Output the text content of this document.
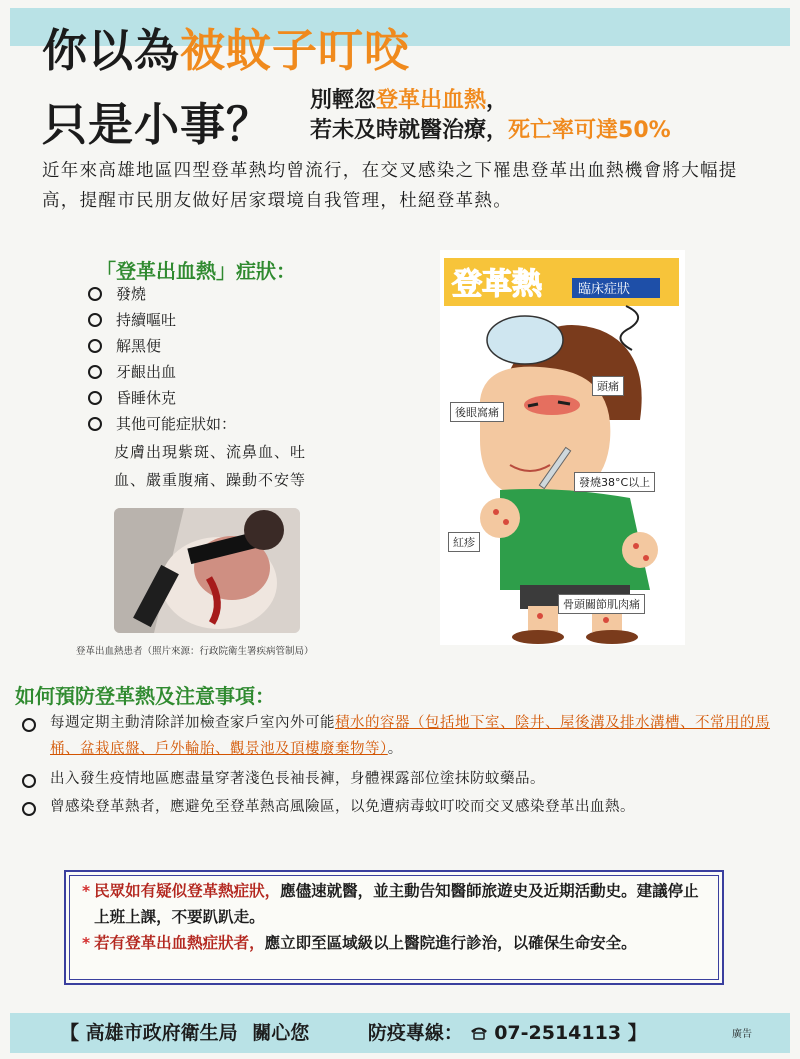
你以為被蚊子叮咬
只是小事？ 別輕忽登革出血熱，
若未及時就醫治療，死亡率可達50%
近年來高雄地區四型登革熱均曾流行，在交叉感染之下罹患登革出血熱機會將大幅提高，提醒市民朋友做好居家環境自我管理，杜絕登革熱。
「登革出血熱」症狀：
發燒
持續嘔吐
解黑便
牙齦出血
昏睡休克
其他可能症狀如：
皮膚出現紫斑、流鼻血、吐血、嚴重腹痛、躁動不安等
登革出血熱患者（照片來源：行政院衛生署疾病管制局）
登革熱	臨床症狀
頭痛
後眼窩痛
發燒38°C以上
紅疹
骨頭關節肌肉痛
如何預防登革熱及注意事項：
每週定期主動清除詳加檢查家戶室內外可能積水的容器（包括地下室、陰井、屋後溝及排水溝槽、不常用的馬桶、盆栽底盤、戶外輪胎、觀景池及頂樓廢棄物等）。
出入發生疫情地區應盡量穿著淺色長袖長褲，身體裸露部位塗抹防蚊藥品。
曾感染登革熱者，應避免至登革熱高風險區，以免遭病毒蚊叮咬而交叉感染登革出血熱。
* 民眾如有疑似登革熱症狀，應儘速就醫，並主動告知醫師旅遊史及近期活動史。建議停止上班上課，不要趴趴走。
* 若有登革出血熱症狀者，應立即至區域級以上醫院進行診治，以確保生命安全。
【 高雄市政府衛生局 關心您	防疫專線： 07-2514113 】	廣告
